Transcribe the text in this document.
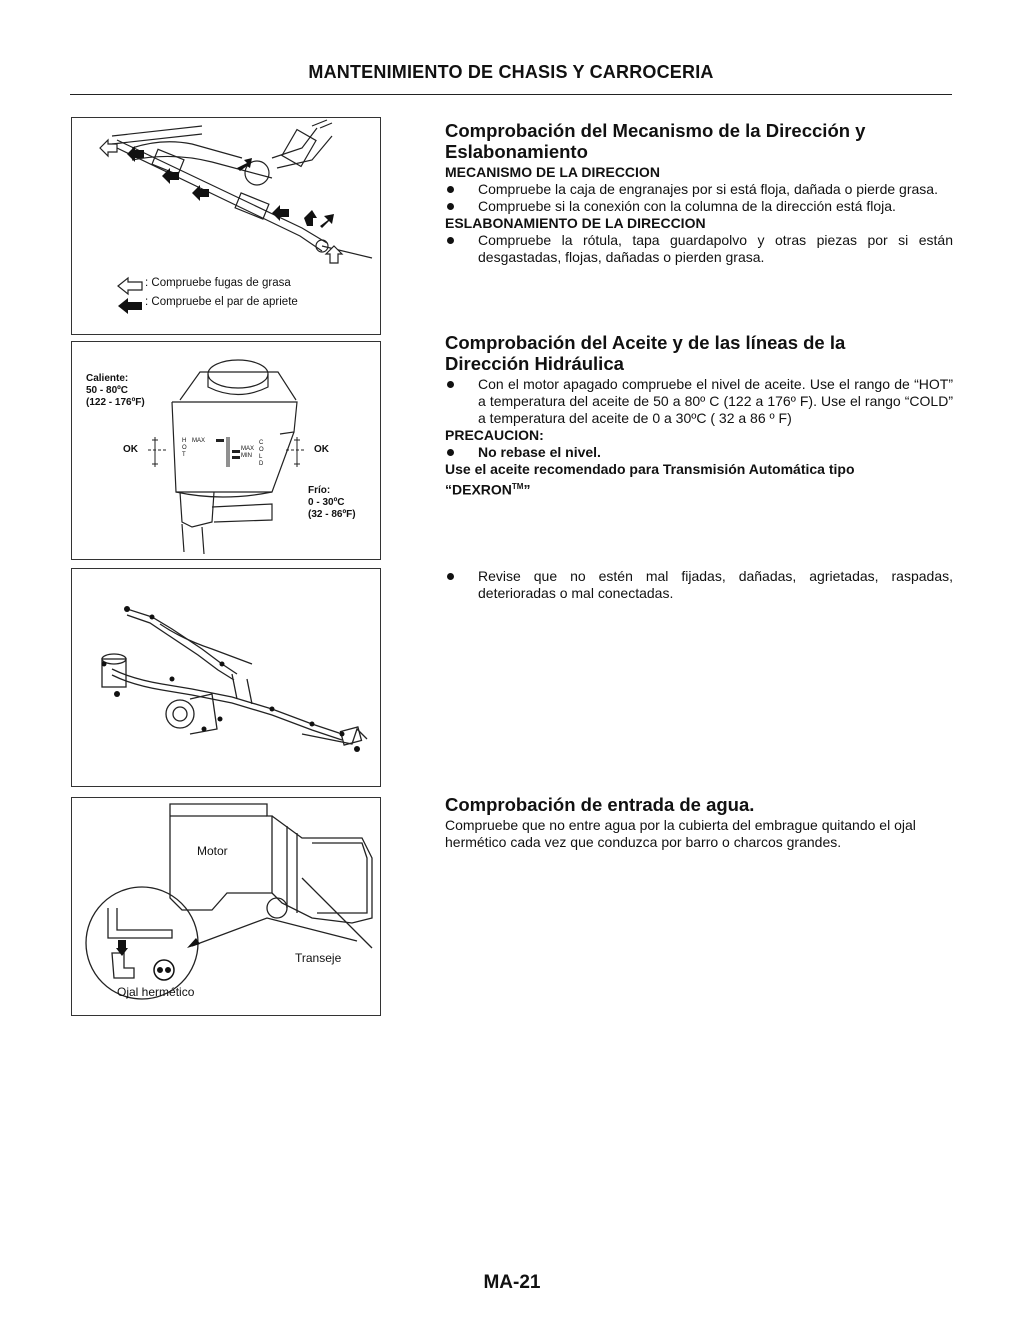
MANTENIMIENTO DE CHASIS Y CARROCERIA
: Compruebe fugas de grasa
: Compruebe el par de apriete
Caliente:
50 - 80ºC
(122 - 176ºF)
OK	OK
Frío:
0 - 30ºC
(32 - 86ºF)
H
O
T
MAX
MAX
MIN
C
O
L
D
Motor
Transeje
Ojal hermético
Comprobación del Mecanismo de la Dirección y
Eslabonamiento
MECANISMO DE LA DIRECCION
Compruebe la caja de engranajes por si está floja, dañada o pierde grasa.
Compruebe si la conexión con la columna de la dirección está floja.
ESLABONAMIENTO DE LA DIRECCION
Compruebe la rótula, tapa guardapolvo y otras piezas por si están desgastadas, flojas, dañadas o pierden grasa.
Comprobación del Aceite y de las líneas de la
Dirección Hidráulica
Con el motor apagado compruebe el nivel de aceite. Use el rango de “HOT” a temperatura del aceite de 50 a 80º C (122 a 176º F). Use el rango “COLD” a temperatura del aceite de 0 a 30ºC ( 32 a 86 º F)
PRECAUCION:
No rebase el nivel.
Use el aceite recomendado para Transmisión Automática tipo
“DEXRON™”
Revise que no estén mal fijadas, dañadas, agrietadas, raspadas, deterioradas o mal conectadas.
Comprobación de entrada de agua.
Compruebe que no entre agua por la cubierta del embrague quitando el ojal hermético cada vez que conduzca por barro o charcos grandes.
MA-21
